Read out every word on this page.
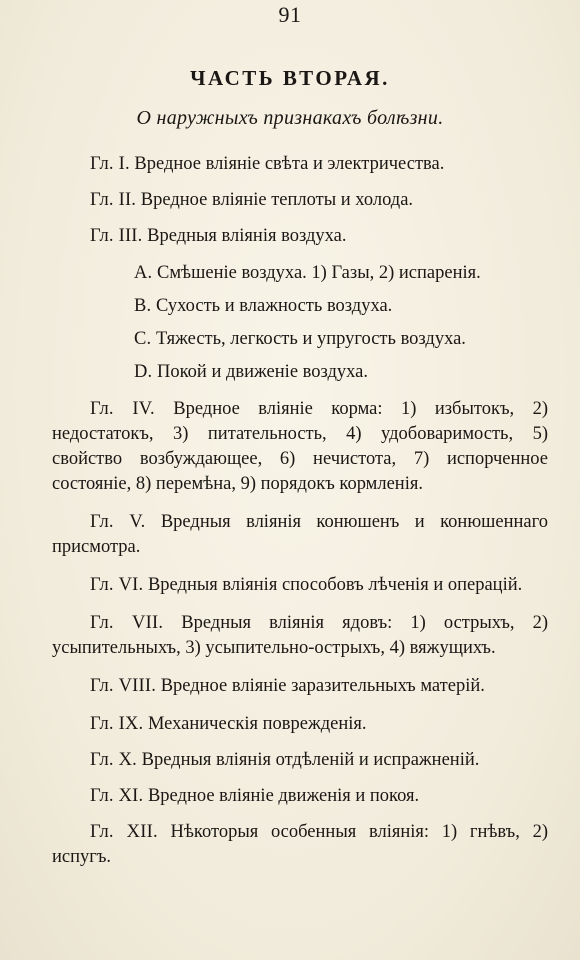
91
ЧАСТЬ ВТОРАЯ.
О наружныхъ признакахъ болѣзни.

Гл. I. Вредное вліяніе свѣта и электричества.

Гл. II. Вредное вліяніе теплоты и холода.

Гл. III. Вредныя вліянія воздуха.

A. Смѣшеніе воздуха. 1) Газы, 2) испаренія.

B. Сухость и влажность воздуха.

C. Тяжесть, легкость и упругость воздуха.

D. Покой и движеніе воздуха.

Гл. IV. Вредное вліяніе корма: 1) избытокъ, 2) недостатокъ, 3) питательность, 4) удобоваримость, 5) свойство возбуждающее, 6) нечистота, 7) испорченное состояніе, 8) перемѣна, 9) порядокъ кормленія.

Гл. V. Вредныя вліянія конюшенъ и конюшеннаго присмотра.

Гл. VI. Вредныя вліянія способовъ лѣченія и операцій.

Гл. VII. Вредныя вліянія ядовъ: 1) острыхъ, 2) усыпительныхъ, 3) усыпительно-острыхъ, 4) вяжущихъ.

Гл. VIII. Вредное вліяніе заразительныхъ матерій.

Гл. IX. Механическія поврежденія.

Гл. X. Вредныя вліянія отдѣленій и испражненій.

Гл. XI. Вредное вліяніе движенія и покоя.

Гл. XII. Нѣкоторыя особенныя вліянія: 1) гнѣвъ, 2) испугъ.
